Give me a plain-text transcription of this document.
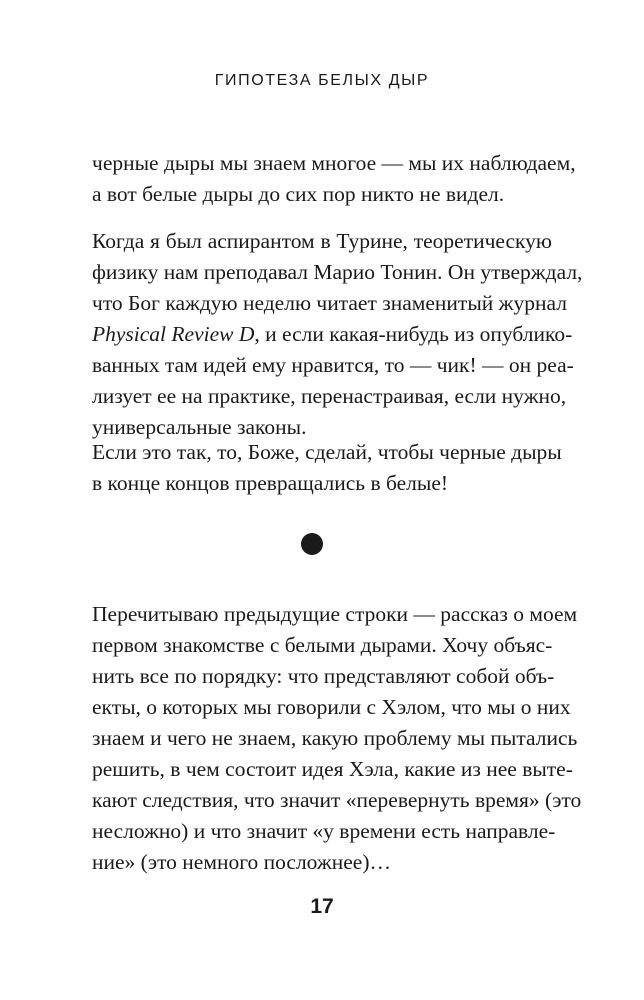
ГИПОТЕЗА БЕЛЫХ ДЫР
черные дыры мы знаем многое — мы их наблюдаем,
а вот белые дыры до сих пор никто не видел.
Когда я был аспирантом в Турине, теоретическую
физику нам преподавал Марио Тонин. Он утверждал,
что Бог каждую неделю читает знаменитый журнал
Physical Review D, и если какая-нибудь из опублико-
ванных там идей ему нравится, то — чик! — он реа-
лизует ее на практике, перенастраивая, если нужно,
универсальные законы.
Если это так, то, Боже, сделай, чтобы черные дыры
в конце концов превращались в белые!
Перечитываю предыдущие строки — рассказ о моем
первом знакомстве с белыми дырами. Хочу объяс-
нить все по порядку: что представляют собой объ-
екты, о которых мы говорили с Хэлом, что мы о них
знаем и чего не знаем, какую проблему мы пытались
решить, в чем состоит идея Хэла, какие из нее выте-
кают следствия, что значит «перевернуть время» (это
несложно) и что значит «у времени есть направле-
ние» (это немного посложнее)…
17
